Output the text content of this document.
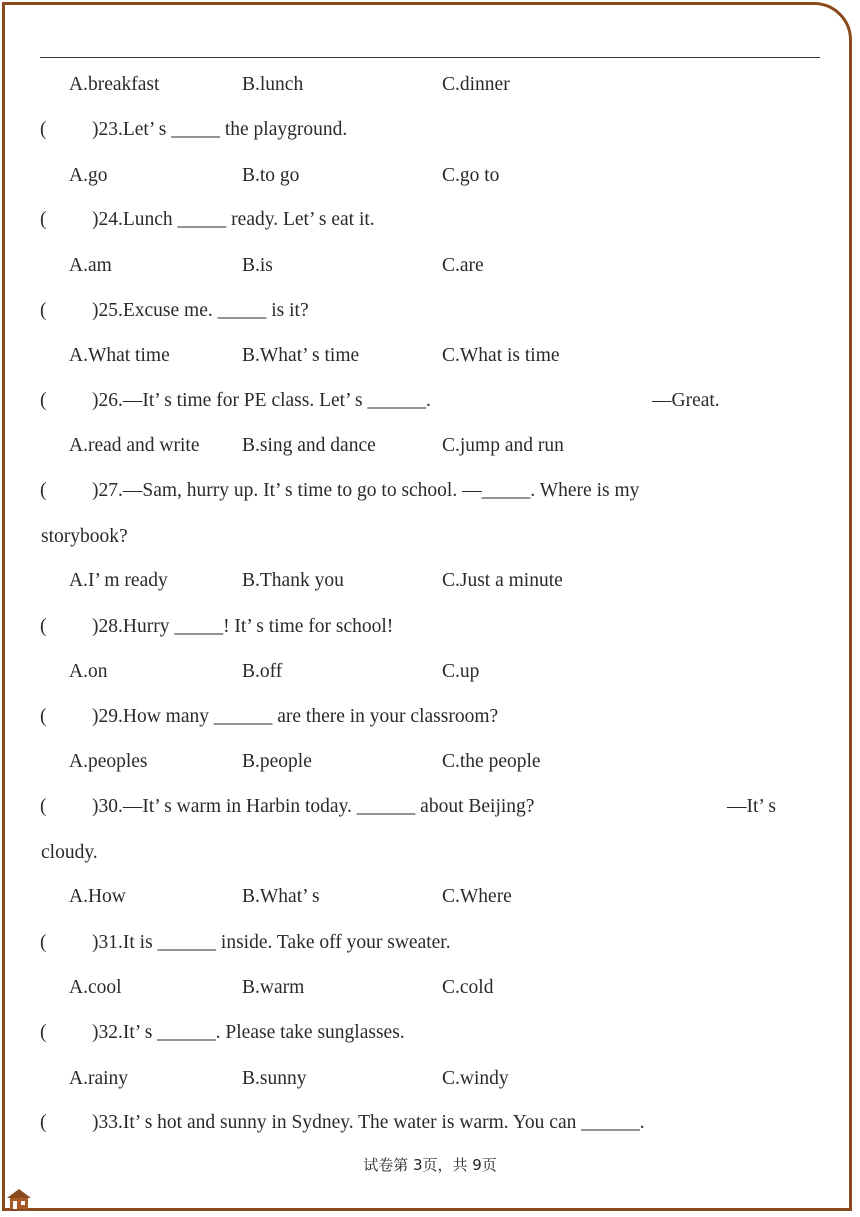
A.breakfast	B.lunch	C.dinner
( )23.Let’ s _____ the playground.
A.go	B.to go	C.go to
( )24.Lunch _____ ready. Let’ s eat it.
A.am	B.is	C.are
( )25.Excuse me. _____ is it?
A.What time	B.What’ s time	C.What is time
( )26.—It’ s time for PE class. Let’ s ______.	—Great.
A.read and write B.sing and dance	C.jump and run
( )27.—Sam, hurry up. It’ s time to go to school. —_____. Where is my
storybook?
A.I’ m ready	B.Thank you	C.Just a minute
( )28.Hurry _____! It’ s time for school!
A.on	B.off	C.up
( )29.How many ______ are there in your classroom?
A.peoples	B.people	C.the people
( )30.—It’ s warm in Harbin today. ______ about Beijing?	—It’ s
cloudy.
A.How	B.What’ s	C.Where
( )31.It is ______ inside. Take off your sweater.
A.cool	B.warm	C.cold
( )32.It’ s ______. Please take sunglasses.
A.rainy	B.sunny	C.windy
( )33.It’ s hot and sunny in Sydney. The water is warm. You can ______.
试卷第 3页，共 9页
